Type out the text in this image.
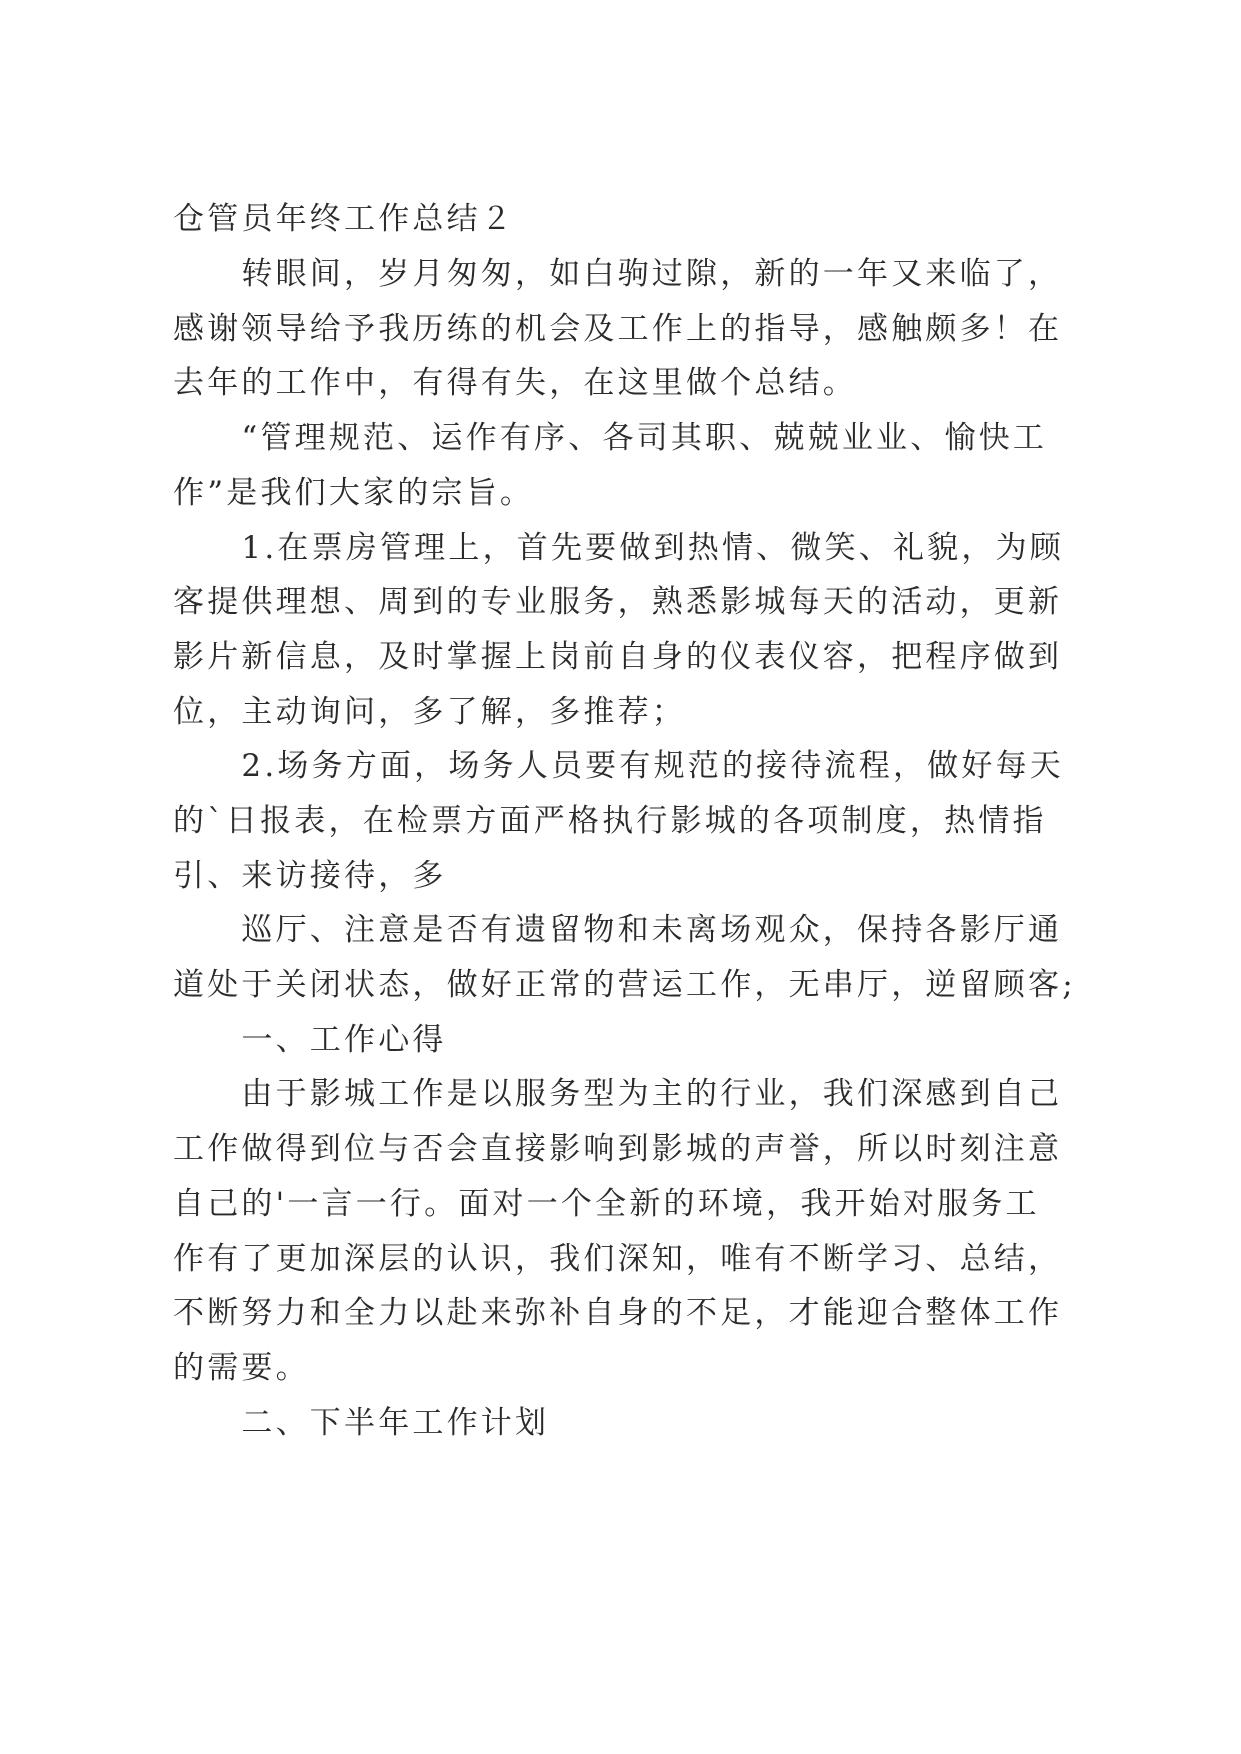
仓管员年终工作总结２
　　转眼间，岁月匆匆，如白驹过隙，新的一年又来临了，
感谢领导给予我历练的机会及工作上的指导，感触颇多！在
去年的工作中，有得有失，在这里做个总结。
　　“管理规范、运作有序、各司其职、兢兢业业、愉快工
作”是我们大家的宗旨。
　　1.在票房管理上，首先要做到热情、微笑、礼貌，为顾
客提供理想、周到的专业服务，熟悉影城每天的活动，更新
影片新信息，及时掌握上岗前自身的仪表仪容，把程序做到
位，主动询问，多了解，多推荐；
　　2.场务方面，场务人员要有规范的接待流程，做好每天
的`日报表，在检票方面严格执行影城的各项制度，热情指
引、来访接待，多
　　巡厅、注意是否有遗留物和未离场观众，保持各影厅通
道处于关闭状态，做好正常的营运工作，无串厅，逆留顾客;
　　一、工作心得
　　由于影城工作是以服务型为主的行业，我们深感到自己
工作做得到位与否会直接影响到影城的声誉，所以时刻注意
自己的'一言一行。面对一个全新的环境，我开始对服务工
作有了更加深层的认识，我们深知，唯有不断学习、总结，
不断努力和全力以赴来弥补自身的不足，才能迎合整体工作
的需要。
　　二、下半年工作计划
